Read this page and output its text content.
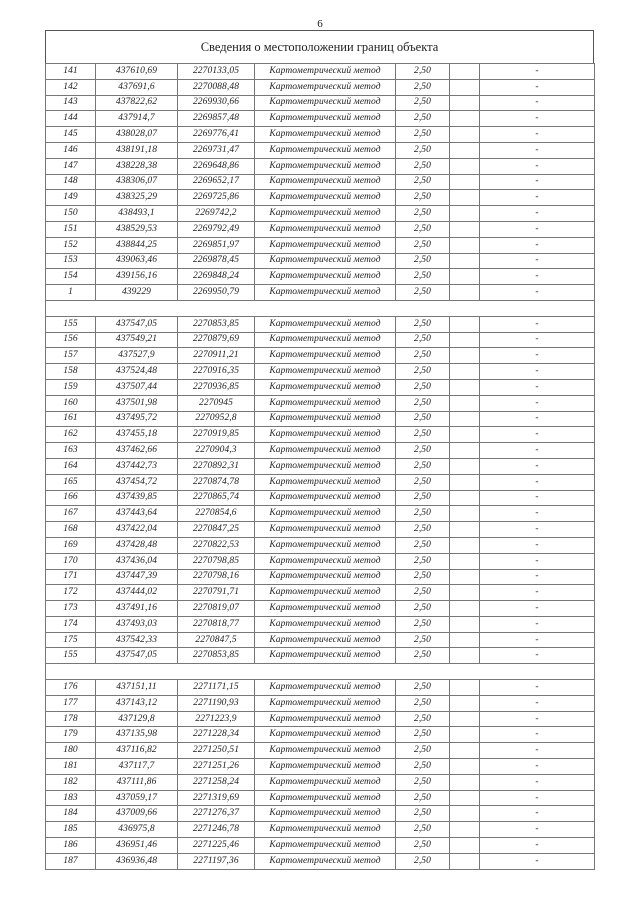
6
Сведения о местоположении границ объекта
141	437610,69	2270133,05	Картометрический метод	2,50		-
142	437691,6	2270088,48	Картометрический метод	2,50		-
143	437822,62	2269930,66	Картометрический метод	2,50		-
144	437914,7	2269857,48	Картометрический метод	2,50		-
145	438028,07	2269776,41	Картометрический метод	2,50		-
146	438191,18	2269731,47	Картометрический метод	2,50		-
147	438228,38	2269648,86	Картометрический метод	2,50		-
148	438306,07	2269652,17	Картометрический метод	2,50		-
149	438325,29	2269725,86	Картометрический метод	2,50		-
150	438493,1	2269742,2	Картометрический метод	2,50		-
151	438529,53	2269792,49	Картометрический метод	2,50		-
152	438844,25	2269851,97	Картометрический метод	2,50		-
153	439063,46	2269878,45	Картометрический метод	2,50		-
154	439156,16	2269848,24	Картометрический метод	2,50		-
1	439229	2269950,79	Картометрический метод	2,50		-

155	437547,05	2270853,85	Картометрический метод	2,50		-
156	437549,21	2270879,69	Картометрический метод	2,50		-
157	437527,9	2270911,21	Картометрический метод	2,50		-
158	437524,48	2270916,35	Картометрический метод	2,50		-
159	437507,44	2270936,85	Картометрический метод	2,50		-
160	437501,98	2270945	Картометрический метод	2,50		-
161	437495,72	2270952,8	Картометрический метод	2,50		-
162	437455,18	2270919,85	Картометрический метод	2,50		-
163	437462,66	2270904,3	Картометрический метод	2,50		-
164	437442,73	2270892,31	Картометрический метод	2,50		-
165	437454,72	2270874,78	Картометрический метод	2,50		-
166	437439,85	2270865,74	Картометрический метод	2,50		-
167	437443,64	2270854,6	Картометрический метод	2,50		-
168	437422,04	2270847,25	Картометрический метод	2,50		-
169	437428,48	2270822,53	Картометрический метод	2,50		-
170	437436,04	2270798,85	Картометрический метод	2,50		-
171	437447,39	2270798,16	Картометрический метод	2,50		-
172	437444,02	2270791,71	Картометрический метод	2,50		-
173	437491,16	2270819,07	Картометрический метод	2,50		-
174	437493,03	2270818,77	Картометрический метод	2,50		-
175	437542,33	2270847,5	Картометрический метод	2,50		-
155	437547,05	2270853,85	Картометрический метод	2,50		-

176	437151,11	2271171,15	Картометрический метод	2,50		-
177	437143,12	2271190,93	Картометрический метод	2,50		-
178	437129,8	2271223,9	Картометрический метод	2,50		-
179	437135,98	2271228,34	Картометрический метод	2,50		-
180	437116,82	2271250,51	Картометрический метод	2,50		-
181	437117,7	2271251,26	Картометрический метод	2,50		-
182	437111,86	2271258,24	Картометрический метод	2,50		-
183	437059,17	2271319,69	Картометрический метод	2,50		-
184	437009,66	2271276,37	Картометрический метод	2,50		-
185	436975,8	2271246,78	Картометрический метод	2,50		-
186	436951,46	2271225,46	Картометрический метод	2,50		-
187	436936,48	2271197,36	Картометрический метод	2,50		-
